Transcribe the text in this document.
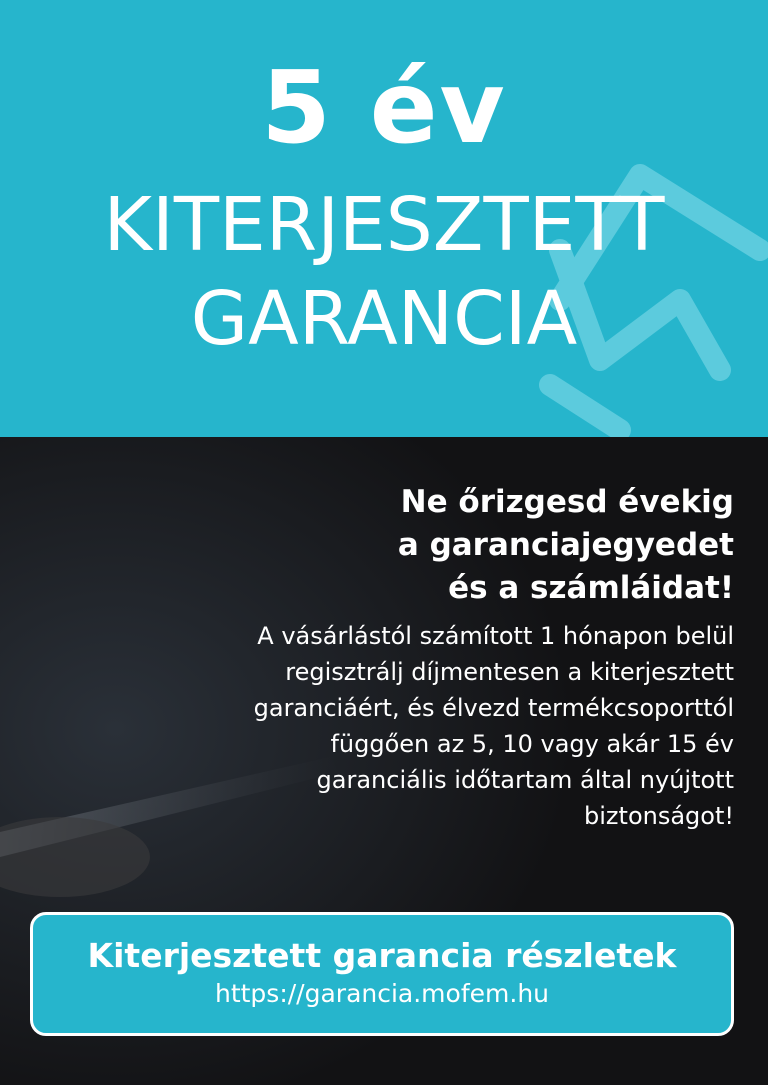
5 év
KITERJESZTETT
GARANCIA
Ne őrizgesd évekig
a garanciajegyedet
és a számláidat!
A vásárlástól számított 1 hónapon belül
regisztrálj díjmentesen a kiterjesztett
garanciáért, és élvezd termékcsoporttól
függően az 5, 10 vagy akár 15 év
garanciális időtartam által nyújtott
biztonságot!
Kiterjesztett garancia részletek
https://garancia.mofem.hu
